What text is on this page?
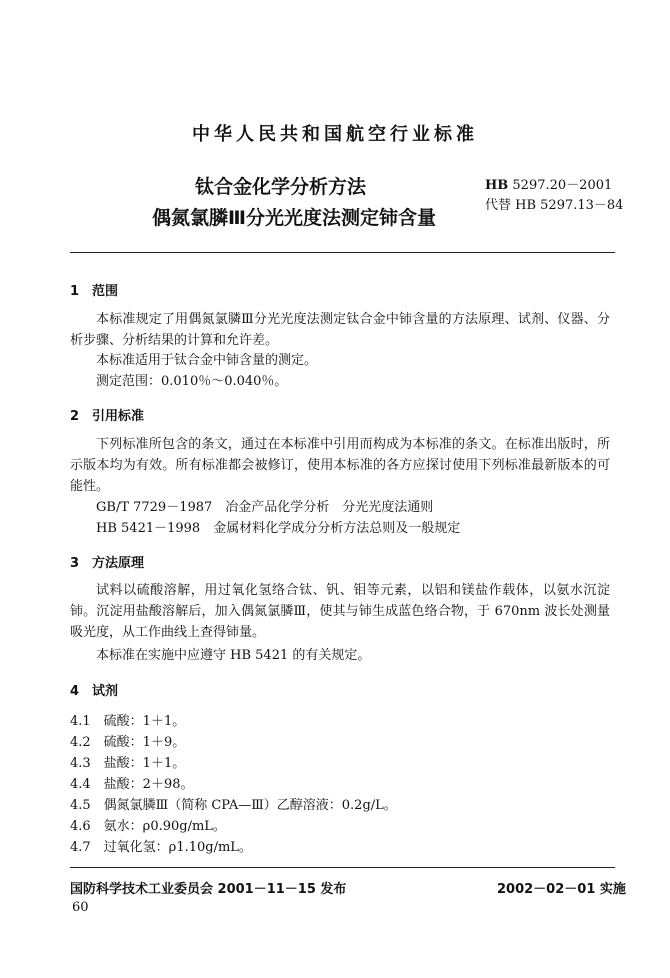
中华人民共和国航空行业标准
钛合金化学分析方法
偶氮氯膦Ⅲ分光光度法测定铈含量
HB 5297.20－2001
代替 HB 5297.13－84
1　范围
本标准规定了用偶氮氯膦Ⅲ分光光度法测定钛合金中铈含量的方法原理、试剂、仪器、分析步骤、分析结果的计算和允许差。
本标准适用于钛合金中铈含量的测定。
测定范围：0.010％～0.040％。
2　引用标准
下列标准所包含的条文，通过在本标准中引用而构成为本标准的条文。在标准出版时，所示版本均为有效。所有标准都会被修订，使用本标准的各方应探讨使用下列标准最新版本的可能性。
GB/T 7729－1987　冶金产品化学分析　分光光度法通则
HB 5421－1998　金属材料化学成分分析方法总则及一般规定
3　方法原理
试料以硫酸溶解，用过氧化氢络合钛、钒、钼等元素，以铝和镁盐作载体，以氨水沉淀铈。沉淀用盐酸溶解后，加入偶氮氯膦Ⅲ，使其与铈生成蓝色络合物，于 670nm 波长处测量吸光度，从工作曲线上查得铈量。
本标准在实施中应遵守 HB 5421 的有关规定。
4　试剂
4.1　硫酸：1＋1。
4.2　硫酸：1＋9。
4.3　盐酸：1＋1。
4.4　盐酸：2＋98。
4.5　偶氮氯膦Ⅲ（简称 CPA—Ⅲ）乙醇溶液：0.2g/L。
4.6　氨水：ρ0.90g/mL。
4.7　过氧化氢：ρ1.10g/mL。
国防科学技术工业委员会 2001－11－15 发布	2002－02－01 实施
60
